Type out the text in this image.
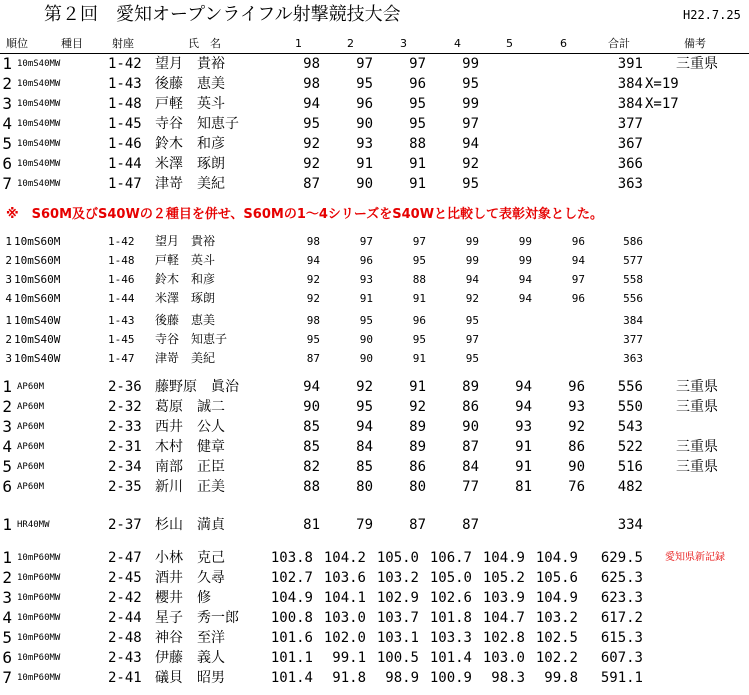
第２回　愛知オープンライフル射撃競技大会	H22.7.25
順位	種目	射座	氏　名	1	2	3	4	5	6	合計	備考
※　S60M及びS40Wの２種目を併せ、S60Mの1～4シリーズをS40Wと比較して表彰対象とした。
1 10mS40MW	1-42 望月　貴裕	98	97	97	99	391 三重県
2 10mS40MW	1-43 後藤　恵美	98	95	96	95	384 X=19
3 10mS40MW	1-48 戸軽　英斗	94	96	95	99	384 X=17
4 10mS40MW	1-45 寺谷　知恵子	95	90	95	97	377
5 10mS40MW	1-46 鈴木　和彦	92	93	88	94	367
6 10mS40MW	1-44 米澤　琢朗	92	91	91	92	366
7 10mS40MW	1-47 津嵜　美紀	87	90	91	95	363
1 10mS60M	1-42 望月　貴裕	98	97	97	99	99	96	586
2 10mS60M	1-48 戸軽　英斗	94	96	95	99	99	94	577
3 10mS60M	1-46 鈴木　和彦	92	93	88	94	94	97	558
4 10mS60M	1-44 米澤　琢朗	92	91	91	92	94	96	556
1 10mS40W	1-43 後藤　恵美	98	95	96	95	384
2 10mS40W	1-45 寺谷　知恵子	95	90	95	97	377
3 10mS40W	1-47 津嵜　美紀	87	90	91	95	363
1 AP60M	2-36 藤野原　眞治	94	92	91	89	94	96 556 三重県
2 AP60M	2-32 葛原　誠二	90	95	92	86	94	93 550 三重県
3 AP60M	2-33 西井　公人	85	94	89	90	93	92 543
4 AP60M	2-31 木村　健章	85	84	89	87	91	86 522 三重県
5 AP60M	2-34 南部　正臣	82	85	86	84	91	90 516 三重県
6 AP60M	2-35 新川　正美	88	80	80	77	81	76 482
1 HR40MW	2-37 杉山　満貞	81	79	87	87	334
1 10mP60MW	2-47 小林　克己	103.8 104.2 105.0 106.7 104.9 104.9 629.5 愛知県新記録
2 10mP60MW	2-45 酒井　久尋	102.7 103.6 103.2 105.0 105.2 105.6 625.3
3 10mP60MW	2-42 櫻井　修	104.9 104.1 102.9 102.6 103.9 104.9 623.3
4 10mP60MW	2-44 星子　秀一郎 100.8 103.0 103.7 101.8 104.7 103.2 617.2
5 10mP60MW	2-48 神谷　至洋	101.6 102.0 103.1 103.3 102.8 102.5 615.3
6 10mP60MW	2-43 伊藤　義人	101.1 99.1 100.5 101.4 103.0 102.2 607.3
7 10mP60MW	2-41 礒貝　昭男	101.4 91.8 98.9 100.9 98.3 99.8 591.1
